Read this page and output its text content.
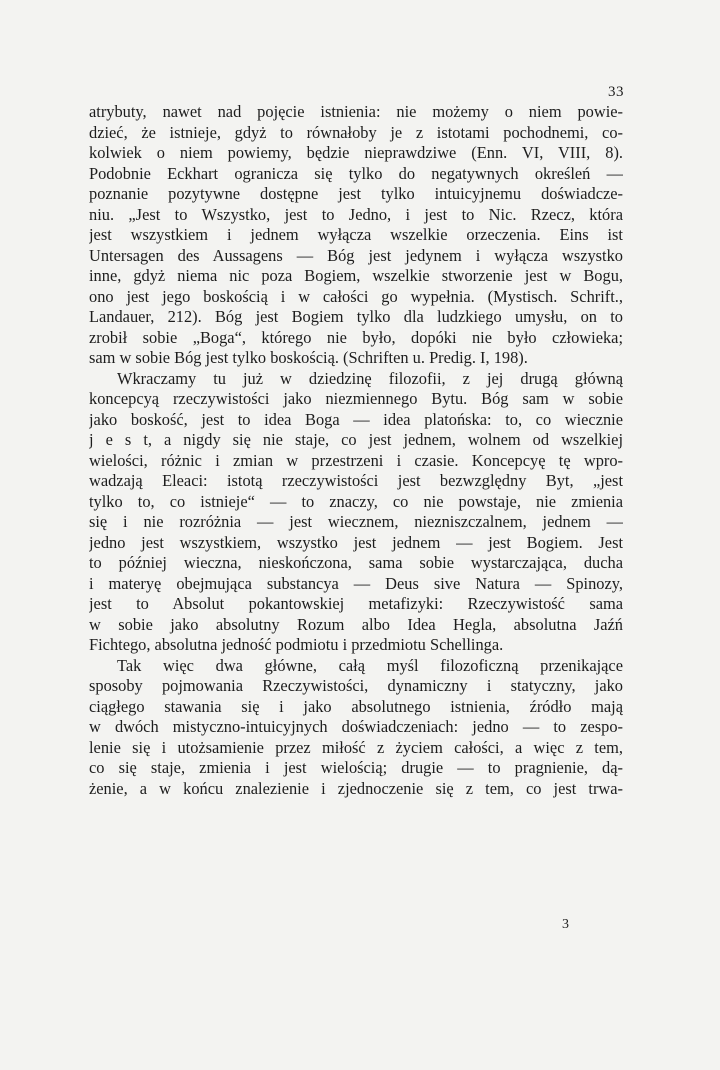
33
atrybuty, nawet nad pojęcie istnienia: nie możemy o niem powie-
dzieć, że istnieje, gdyż to równałoby je z istotami pochodnemi, co-
kolwiek o niem powiemy, będzie nieprawdziwe (Enn. VI, VIII, 8).
Podobnie Eckhart ogranicza się tylko do negatywnych określeń —
poznanie pozytywne dostępne jest tylko intuicyjnemu doświadcze-
niu. „Jest to Wszystko, jest to Jedno, i jest to Nic. Rzecz, która
jest wszystkiem i jednem wyłącza wszelkie orzeczenia. Eins ist
Untersagen des Aussagens — Bóg jest jedynem i wyłącza wszystko
inne, gdyż niema nic poza Bogiem, wszelkie stworzenie jest w Bogu,
ono jest jego boskością i w całości go wypełnia. (Mystisch. Schrift.,
Landauer, 212). Bóg jest Bogiem tylko dla ludzkiego umysłu, on to
zrobił sobie „Boga“, którego nie było, dopóki nie było człowieka;
sam w sobie Bóg jest tylko boskością. (Schriften u. Predig. I, 198).
Wkraczamy tu już w dziedzinę filozofii, z jej drugą główną
koncepcyą rzeczywistości jako niezmiennego Bytu. Bóg sam w sobie
jako boskość, jest to idea Boga — idea platońska: to, co wiecznie
j e s t, a nigdy się nie staje, co jest jednem, wolnem od wszelkiej
wielości, różnic i zmian w przestrzeni i czasie. Koncepcyę tę wpro-
wadzają Eleaci: istotą rzeczywistości jest bezwzględny Byt, „jest
tylko to, co istnieje“ — to znaczy, co nie powstaje, nie zmienia
się i nie rozróżnia — jest wiecznem, niezniszczalnem, jednem —
jedno jest wszystkiem, wszystko jest jednem — jest Bogiem. Jest
to później wieczna, nieskończona, sama sobie wystarczająca, ducha
i materyę obejmująca substancya — Deus sive Natura — Spinozy,
jest to Absolut pokantowskiej metafizyki: Rzeczywistość sama
w sobie jako absolutny Rozum albo Idea Hegla, absolutna Jaźń
Fichtego, absolutna jedność podmiotu i przedmiotu Schellinga.
Tak więc dwa główne, całą myśl filozoficzną przenikające
sposoby pojmowania Rzeczywistości, dynamiczny i statyczny, jako
ciągłego stawania się i jako absolutnego istnienia, źródło mają
w dwóch mistyczno-intuicyjnych doświadczeniach: jedno — to zespo-
lenie się i utożsamienie przez miłość z życiem całości, a więc z tem,
co się staje, zmienia i jest wielością; drugie — to pragnienie, dą-
żenie, a w końcu znalezienie i zjednoczenie się z tem, co jest trwa-
3
